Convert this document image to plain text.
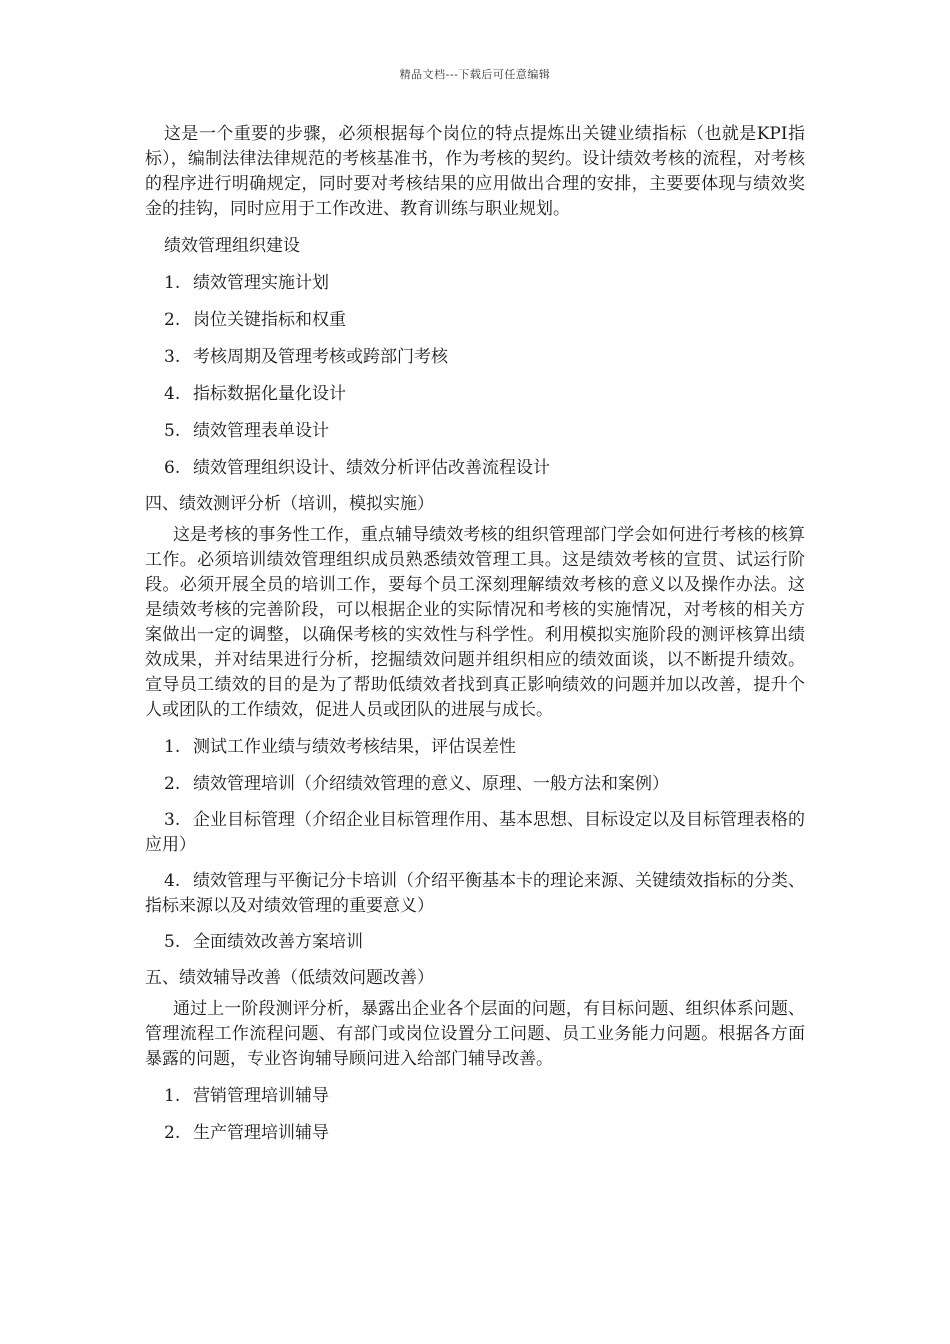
精品文档---下载后可任意编辑

这是一个重要的步骤，必须根据每个岗位的特点提炼出关键业绩指标（也就是KPI指标），编制法律法律规范的考核基准书，作为考核的契约。设计绩效考核的流程，对考核的程序进行明确规定，同时要对考核结果的应用做出合理的安排，主要要体现与绩效奖金的挂钩，同时应用于工作改进、教育训练与职业规划。

绩效管理组织建设

1. 绩效管理实施计划

2. 岗位关键指标和权重

3. 考核周期及管理考核或跨部门考核

4. 指标数据化量化设计

5. 绩效管理表单设计

6. 绩效管理组织设计、绩效分析评估改善流程设计

四、绩效测评分析（培训，模拟实施）

这是考核的事务性工作，重点辅导绩效考核的组织管理部门学会如何进行考核的核算工作。必须培训绩效管理组织成员熟悉绩效管理工具。这是绩效考核的宣贯、试运行阶段。必须开展全员的培训工作，要每个员工深刻理解绩效考核的意义以及操作办法。这是绩效考核的完善阶段，可以根据企业的实际情况和考核的实施情况，对考核的相关方案做出一定的调整，以确保考核的实效性与科学性。利用模拟实施阶段的测评核算出绩效成果，并对结果进行分析，挖掘绩效问题并组织相应的绩效面谈，以不断提升绩效。宣导员工绩效的目的是为了帮助低绩效者找到真正影响绩效的问题并加以改善，提升个人或团队的工作绩效，促进人员或团队的进展与成长。

1. 测试工作业绩与绩效考核结果，评估误差性

2. 绩效管理培训（介绍绩效管理的意义、原理、一般方法和案例）

3. 企业目标管理（介绍企业目标管理作用、基本思想、目标设定以及目标管理表格的应用）

4. 绩效管理与平衡记分卡培训（介绍平衡基本卡的理论来源、关键绩效指标的分类、指标来源以及对绩效管理的重要意义）

5. 全面绩效改善方案培训

五、绩效辅导改善（低绩效问题改善）

通过上一阶段测评分析，暴露出企业各个层面的问题，有目标问题、组织体系问题、管理流程工作流程问题、有部门或岗位设置分工问题、员工业务能力问题。根据各方面暴露的问题，专业咨询辅导顾问进入给部门辅导改善。

1. 营销管理培训辅导

2. 生产管理培训辅导
